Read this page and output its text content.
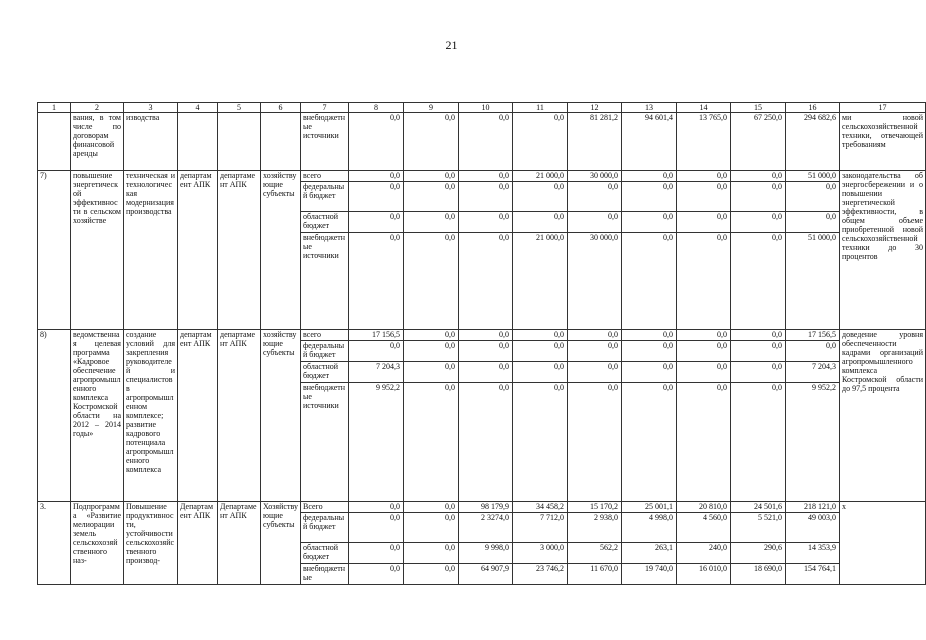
21
1	2	3	4	5	6	7	8	9	10	11	12	13	14	15	16	17
	вания, в том числе по договорам финансовой аренды	изводства				внебюджетные источники	0,0	0,0	0,0	0,0	81 281,2	94 601,4	13 765,0	67 250,0	294 682,6	ми новой сельскохозяйственной техники, отвечающей требованиям
7)	повышение энергетической эффективности в сельском хозяйстве	техническая и технологическая модернизация производства	департамент АПК	департамент АПК	хозяйствующие субъекты	всего	0,0	0,0	0,0	21 000,0	30 000,0	0,0	0,0	0,0	51 000,0	законодательства об энергосбережении и о повышении энергетической эффективности, в общем объеме приобретенной новой сельскохозяйственной техники до 30 процентов
						федеральный бюджет	0,0	0,0	0,0	0,0	0,0	0,0	0,0	0,0	0,0	
						областной бюджет	0,0	0,0	0,0	0,0	0,0	0,0	0,0	0,0	0,0	
						внебюджетные источники	0,0	0,0	0,0	21 000,0	30 000,0	0,0	0,0	0,0	51 000,0	
8)	ведомственная целевая программа «Кадровое обеспечение агропромышленного комплекса Костромской области на 2012 – 2014 годы»	создание условий для закрепления руководителей и специалистов в агропромышленном комплексе; развитие кадрового потенциала агропромышленного комплекса	департамент АПК	департамент АПК	хозяйствующие субъекты	всего	17 156,5	0,0	0,0	0,0	0,0	0,0	0,0	0,0	17 156,5	доведение уровня обеспеченности кадрами организаций агропромышленного комплекса Костромской области до 97,5 процента
						федеральный бюджет	0,0	0,0	0,0	0,0	0,0	0,0	0,0	0,0	0,0	
						областной бюджет	7 204,3	0,0	0,0	0,0	0,0	0,0	0,0	0,0	7 204,3	
						внебюджетные источники	9 952,2	0,0	0,0	0,0	0,0	0,0	0,0	0,0	9 952,2	
3.	Подпрограмма «Развитие мелиорации земель сельскохозяйственного наз-	Повышение продуктивности, устойчивости сельскохозяйственного производ-	Департамент АПК	Департамент АПК	Хозяйствующие субъекты	Всего	0,0	0,0	98 179,9	34 458,2	15 170,2	25 001,1	20 810,0	24 501,6	218 121,0	х
						федеральный бюджет	0,0	0,0	2 3274,0	7 712,0	2 938,0	4 998,0	4 560,0	5 521,0	49 003,0	
						областной бюджет	0,0	0,0	9 998,0	3 000,0	562,2	263,1	240,0	290,6	14 353,9	
						внебюджетные	0,0	0,0	64 907,9	23 746,2	11 670,0	19 740,0	16 010,0	18 690,0	154 764,1	
